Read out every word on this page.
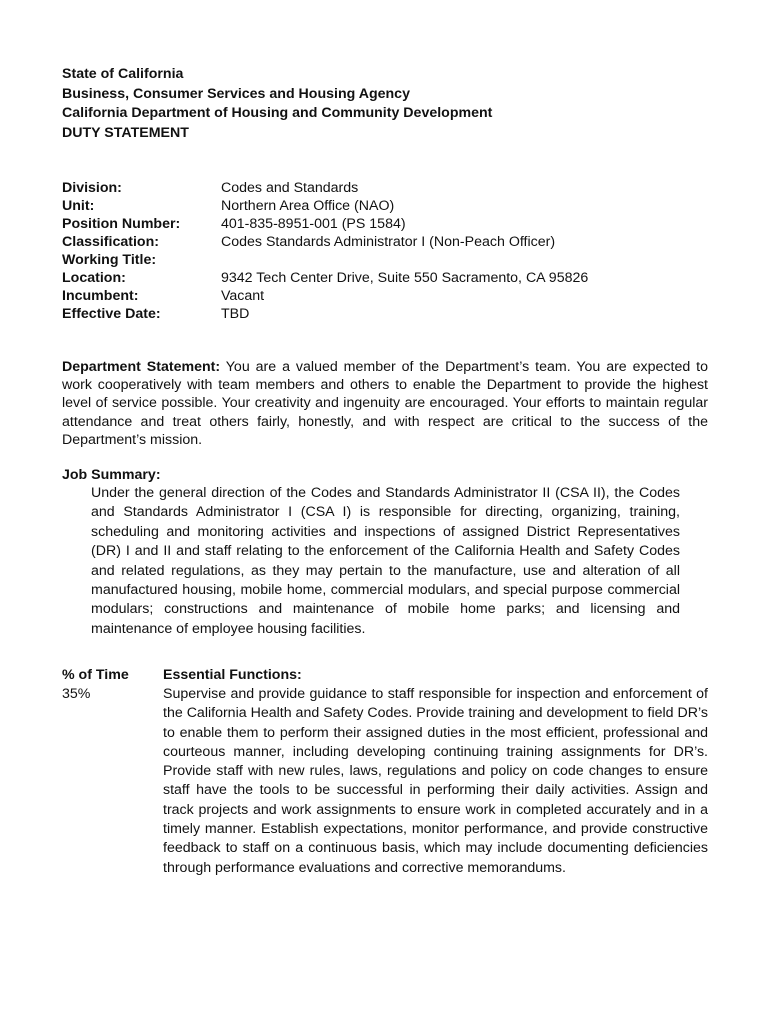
State of California
Business, Consumer Services and Housing Agency
California Department of Housing and Community Development
DUTY STATEMENT
Division:	Codes and Standards
Unit:	Northern Area Office (NAO)
Position Number:	401-835-8951-001 (PS 1584)
Classification:	Codes Standards Administrator I (Non-Peach Officer)
Working Title:
Location:	9342 Tech Center Drive, Suite 550 Sacramento, CA 95826
Incumbent:	Vacant
Effective Date:	TBD
Department Statement: You are a valued member of the Department’s team. You are expected to work cooperatively with team members and others to enable the Department to provide the highest level of service possible. Your creativity and ingenuity are encouraged. Your efforts to maintain regular attendance and treat others fairly, honestly, and with respect are critical to the success of the Department’s mission.
Job Summary:
Under the general direction of the Codes and Standards Administrator II (CSA II), the Codes and Standards Administrator I (CSA I) is responsible for directing, organizing, training, scheduling and monitoring activities and inspections of assigned District Representatives (DR) I and II and staff relating to the enforcement of the California Health and Safety Codes and related regulations, as they may pertain to the manufacture, use and alteration of all manufactured housing, mobile home, commercial modulars, and special purpose commercial modulars; constructions and maintenance of mobile home parks; and licensing and maintenance of employee housing facilities.
% of Time	Essential Functions:
35%	Supervise and provide guidance to staff responsible for inspection and enforcement of the California Health and Safety Codes. Provide training and development to field DR’s to enable them to perform their assigned duties in the most efficient, professional and courteous manner, including developing continuing training assignments for DR’s. Provide staff with new rules, laws, regulations and policy on code changes to ensure staff have the tools to be successful in performing their daily activities. Assign and track projects and work assignments to ensure work in completed accurately and in a timely manner. Establish expectations, monitor performance, and provide constructive feedback to staff on a continuous basis, which may include documenting deficiencies through performance evaluations and corrective memorandums.
